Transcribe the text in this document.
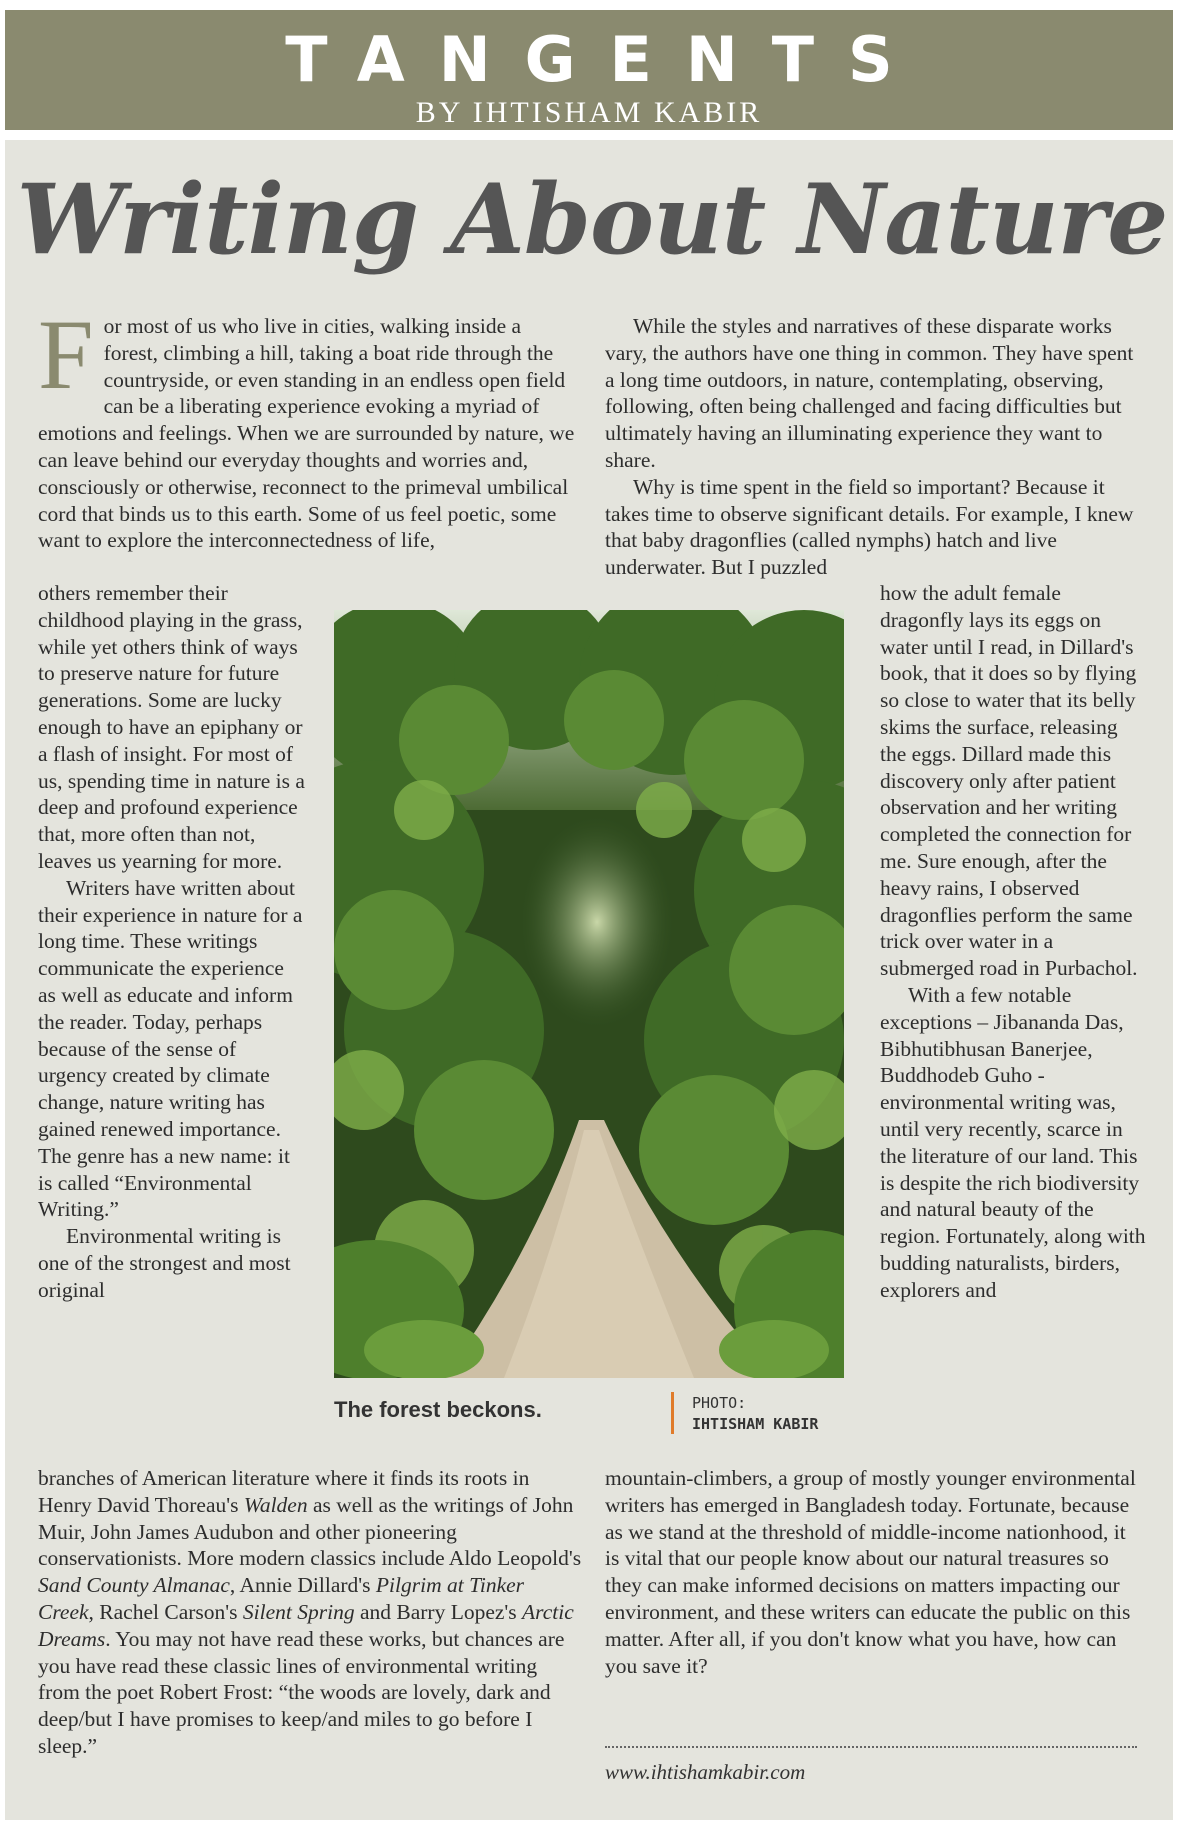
TANGENTS
BY IHTISHAM KABIR
Writing About Nature

For most of us who live in cities, walking inside a forest, climbing a hill, taking a boat ride through the countryside, or even standing in an endless open field can be a liberating experience evoking a myriad of emotions and feelings. When we are surrounded by nature, we can leave behind our everyday thoughts and worries and, consciously or otherwise, reconnect to the primeval umbilical cord that binds us to this earth. Some of us feel poetic, some want to explore the interconnectedness of life,

others remember their childhood playing in the grass, while yet others think of ways to preserve nature for future generations. Some are lucky enough to have an epiphany or a flash of insight. For most of us, spending time in nature is a deep and profound experience that, more often than not, leaves us yearning for more.

Writers have written about their experience in nature for a long time. These writings communicate the experience as well as educate and inform the reader. Today, perhaps because of the sense of urgency created by climate change, nature writing has gained renewed importance. The genre has a new name: it is called “Environmental Writing.”

Environmental writing is one of the strongest and most original

branches of American literature where it finds its roots in Henry David Thoreau's Walden as well as the writings of John Muir, John James Audubon and other pioneering conservationists. More modern classics include Aldo Leopold's Sand County Almanac, Annie Dillard's Pilgrim at Tinker Creek, Rachel Carson's Silent Spring and Barry Lopez's Arctic Dreams. You may not have read these works, but chances are you have read these classic lines of environmental writing from the poet Robert Frost: “the woods are lovely, dark and deep/but I have promises to keep/and miles to go before I sleep.”

While the styles and narratives of these disparate works vary, the authors have one thing in common. They have spent a long time outdoors, in nature, contemplating, observing, following, often being challenged and facing difficulties but ultimately having an illuminating experience they want to share.

Why is time spent in the field so important? Because it takes time to observe significant details. For example, I knew that baby dragonflies (called nymphs) hatch and live underwater. But I puzzled

how the adult female dragonfly lays its eggs on water until I read, in Dillard's book, that it does so by flying so close to water that its belly skims the surface, releasing the eggs. Dillard made this discovery only after patient observation and her writing completed the connection for me. Sure enough, after the heavy rains, I observed dragonflies perform the same trick over water in a submerged road in Purbachol.

With a few notable exceptions – Jibananda Das, Bibhutibhusan Banerjee, Buddhodeb Guho - environmental writing was, until very recently, scarce in the literature of our land. This is despite the rich biodiversity and natural beauty of the region. Fortunately, along with budding naturalists, birders, explorers and

mountain-climbers, a group of mostly younger environmental writers has emerged in Bangladesh today. Fortunate, because as we stand at the threshold of middle-income nationhood, it is vital that our people know about our natural treasures so they can make informed decisions on matters impacting our environment, and these writers can educate the public on this matter. After all, if you don't know what you have, how can you save it?

The forest beckons.	PHOTO:
IHTISHAM KABIR
www.ihtishamkabir.com
